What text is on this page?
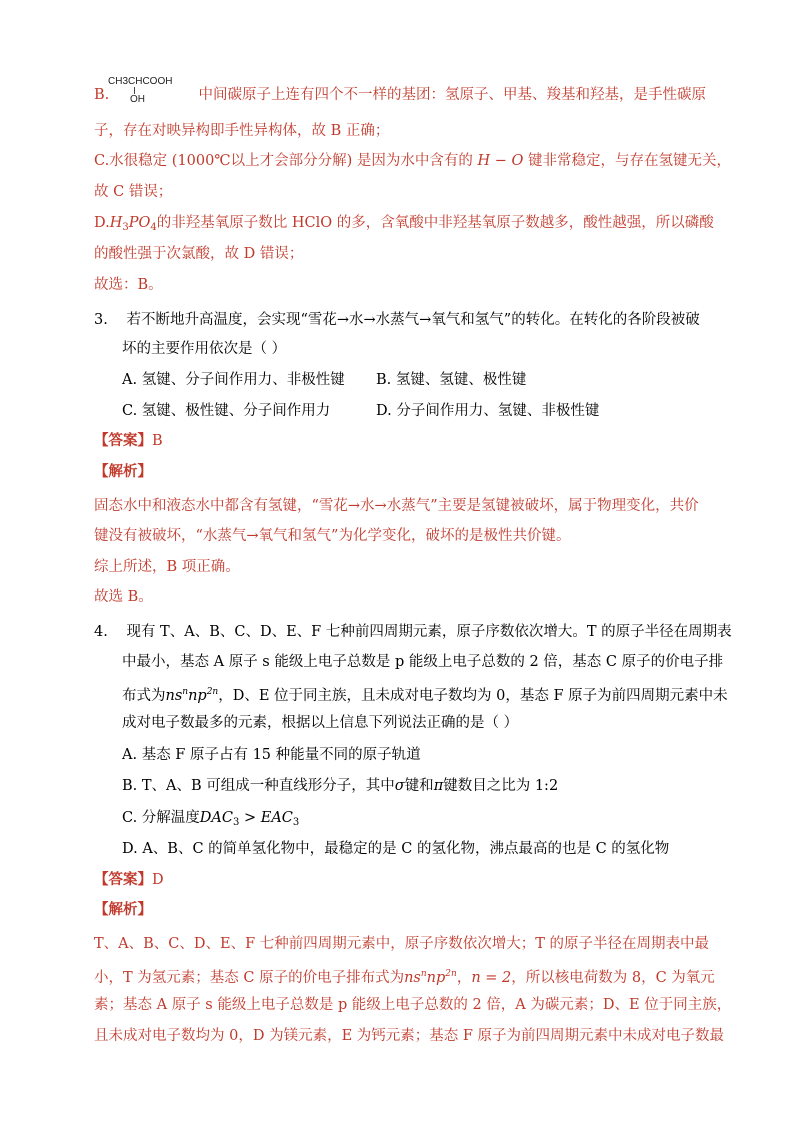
B.	中间碳原子上连有四个不一样的基团：氢原子、甲基、羧基和羟基，是手性碳原
CH3CHCOOH
OH
子，存在对映异构即手性异构体，故 B 正确；
C.水很稳定 (1000℃以上才会部分分解) 是因为水中含有的 H − O 键非常稳定，与存在氢键无关，
故 C 错误；
$D.H_3PO_4$的非羟基氧原子数比 HClO 的多，含氧酸中非羟基氧原子数越多，酸性越强，所以磷酸
的酸性强于次氯酸，故 D 错误；
故选：B。
3. 若不断地升高温度，会实现“雪花→水→水蒸气→氧气和氢气”的转化。在转化的各阶段被破
坏的主要作用依次是（ ）
A. 氢键、分子间作用力、非极性键 B. 氢键、氢键、极性键
C. 氢键、极性键、分子间作用力	D. 分子间作用力、氢键、非极性键
【答案】B
【解析】
固态水中和液态水中都含有氢键，“雪花→水→水蒸气”主要是氢键被破坏，属于物理变化，共价
键没有被破坏，“水蒸气→氧气和氢气”为化学变化，破坏的是极性共价键。
综上所述，B 项正确。
故选 B。
4. 现有 T、A、B、C、D、E、F 七种前四周期元素，原子序数依次增大。T 的原子半径在周期表
中最小，基态 A 原子 s 能级上电子总数是 p 能级上电子总数的 2 倍，基态 C 原子的价电子排
布式为$ns^nnp^{2n}$，D、E 位于同主族，且未成对电子数均为 0，基态 F 原子为前四周期元素中未
成对电子数最多的元素，根据以上信息下列说法正确的是（ ）
A. 基态 F 原子占有 15 种能量不同的原子轨道
B. T、A、B 可组成一种直线形分子，其中σ键和π键数目之比为 1:2
C. 分解温度$DAC_3 > EAC_3$
D. A、B、C 的简单氢化物中，最稳定的是 C 的氢化物，沸点最高的也是 C 的氢化物
【答案】D
【解析】
T、A、B、C、D、E、F 七种前四周期元素中，原子序数依次增大；T 的原子半径在周期表中最
小，T 为氢元素；基态 C 原子的价电子排布式为$ns^nnp^{2n}$，n = 2，所以核电荷数为 8，C 为氧元
素；基态 A 原子 s 能级上电子总数是 p 能级上电子总数的 2 倍，A 为碳元素；D、E 位于同主族，
且未成对电子数均为 0，D 为镁元素，E 为钙元素；基态 F 原子为前四周期元素中未成对电子数最
